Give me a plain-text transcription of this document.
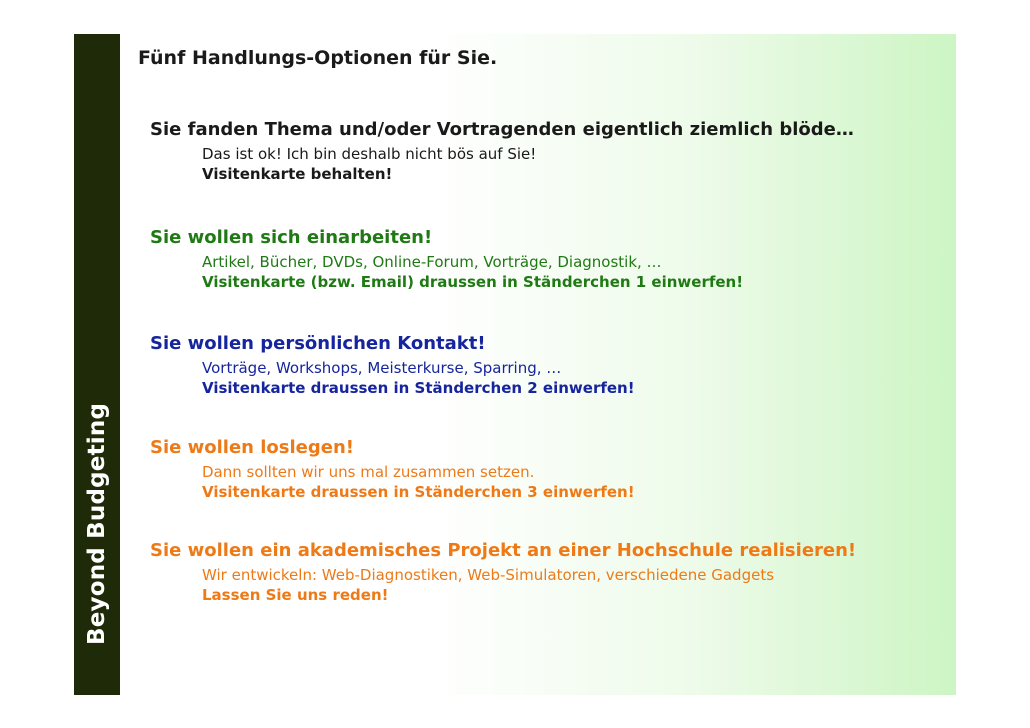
Beyond Budgeting
Fünf Handlungs-Optionen für Sie.
Sie fanden Thema und/oder Vortragenden eigentlich ziemlich blöde…
Das ist ok! Ich bin deshalb nicht bös auf Sie!
Visitenkarte behalten!
Sie wollen sich einarbeiten!
Artikel, Bücher, DVDs, Online-Forum, Vorträge, Diagnostik, …
Visitenkarte (bzw. Email) draussen in Ständerchen 1 einwerfen!
Sie wollen persönlichen Kontakt!
Vorträge, Workshops, Meisterkurse, Sparring, …
Visitenkarte draussen in Ständerchen 2 einwerfen!
Sie wollen loslegen!
Dann sollten wir uns mal zusammen setzen.
Visitenkarte draussen in Ständerchen 3 einwerfen!
Sie wollen ein akademisches Projekt an einer Hochschule realisieren!
Wir entwickeln: Web-Diagnostiken, Web-Simulatoren, verschiedene Gadgets
Lassen Sie uns reden!
